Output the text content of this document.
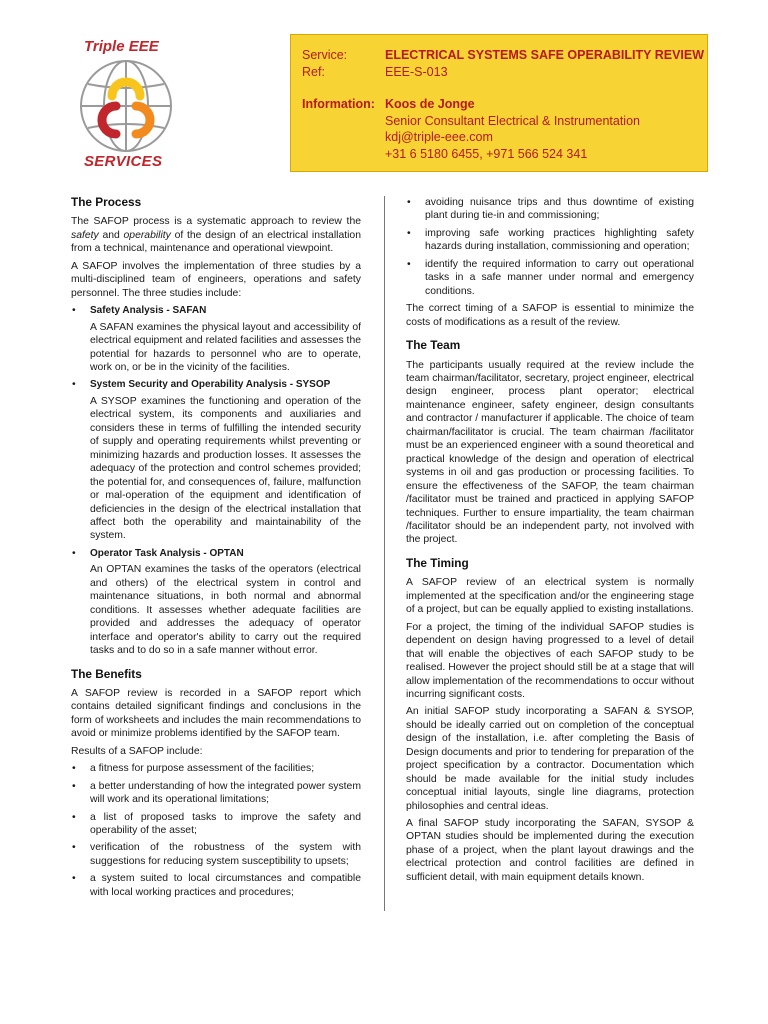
Triple EEE
SERVICES
Service:	ELECTRICAL SYSTEMS SAFE OPERABILITY REVIEW
Ref:	EEE-S-013
Information: Koos de Jonge
Senior Consultant Electrical & Instrumentation
kdj@triple-eee.com
+31 6 5180 6455, +971 566 524 341
The Process

The SAFOP process is a systematic approach to review the safety and operability of the design of an electrical installation from a technical, maintenance and operational viewpoint.

A SAFOP involves the implementation of three studies by a multi-disciplined team of engineers, operations and safety personnel. The three studies include:

• Safety Analysis - SAFAN

A SAFAN examines the physical layout and accessibility of electrical equipment and related facilities and assesses the potential for hazards to personnel who are to operate, work on, or be in the vicinity of the facilities.

• System Security and Operability Analysis - SYSOP

A SYSOP examines the functioning and operation of the electrical system, its components and auxiliaries and considers these in terms of fulfilling the intended security of supply and operating requirements whilst preventing or minimizing hazards and production losses. It assesses the adequacy of the protection and control schemes provided; the potential for, and consequences of, failure, malfunction or mal-operation of the equipment and identification of deficiencies in the design of the electrical installation that affect both the operability and maintainability of the system.

• Operator Task Analysis - OPTAN

An OPTAN examines the tasks of the operators (electrical and others) of the electrical system in control and maintenance situations, in both normal and abnormal conditions. It assesses whether adequate facilities are provided and addresses the adequacy of operator interface and operator's ability to carry out the required tasks and to do so in a safe manner without error.

The Benefits

A SAFOP review is recorded in a SAFOP report which contains detailed significant findings and conclusions in the form of worksheets and includes the main recommendations to avoid or minimize problems identified by the SAFOP team.

Results of a SAFOP include:

• a fitness for purpose assessment of the facilities;
• a better understanding of how the integrated power system will work and its operational limitations;
• a list of proposed tasks to improve the safety and operability of the asset;
• verification of the robustness of the system with suggestions for reducing system susceptibility to upsets;
• a system suited to local circumstances and compatible with local working practices and procedures;
• avoiding nuisance trips and thus downtime of existing plant during tie-in and commissioning;
• improving safe working practices highlighting safety hazards during installation, commissioning and operation;
• identify the required information to carry out operational tasks in a safe manner under normal and emergency conditions.

The correct timing of a SAFOP is essential to minimize the costs of modifications as a result of the review.

The Team

The participants usually required at the review include the team chairman/facilitator, secretary, project engineer, electrical design engineer, process plant operator; electrical maintenance engineer, safety engineer, design consultants and contractor / manufacturer if applicable. The choice of team chairman/facilitator is crucial. The team chairman /facilitator must be an experienced engineer with a sound theoretical and practical knowledge of the design and operation of electrical systems in oil and gas production or processing facilities. To ensure the effectiveness of the SAFOP, the team chairman /facilitator must be trained and practiced in applying SAFOP techniques. Further to ensure impartiality, the team chairman /facilitator should be an independent party, not involved with the project.

The Timing

A SAFOP review of an electrical system is normally implemented at the specification and/or the engineering stage of a project, but can be equally applied to existing installations.

For a project, the timing of the individual SAFOP studies is dependent on design having progressed to a level of detail that will enable the objectives of each SAFOP study to be realised. However the project should still be at a stage that will allow implementation of the recommendations to occur without incurring significant costs.

An initial SAFOP study incorporating a SAFAN & SYSOP, should be ideally carried out on completion of the conceptual design of the installation, i.e. after completing the Basis of Design documents and prior to tendering for preparation of the project specification by a contractor. Documentation which should be made available for the initial study includes conceptual initial layouts, single line diagrams, protection philosophies and central ideas.

A final SAFOP study incorporating the SAFAN, SYSOP & OPTAN studies should be implemented during the execution phase of a project, when the plant layout drawings and the electrical protection and control facilities are defined in sufficient detail, with main equipment details known.
